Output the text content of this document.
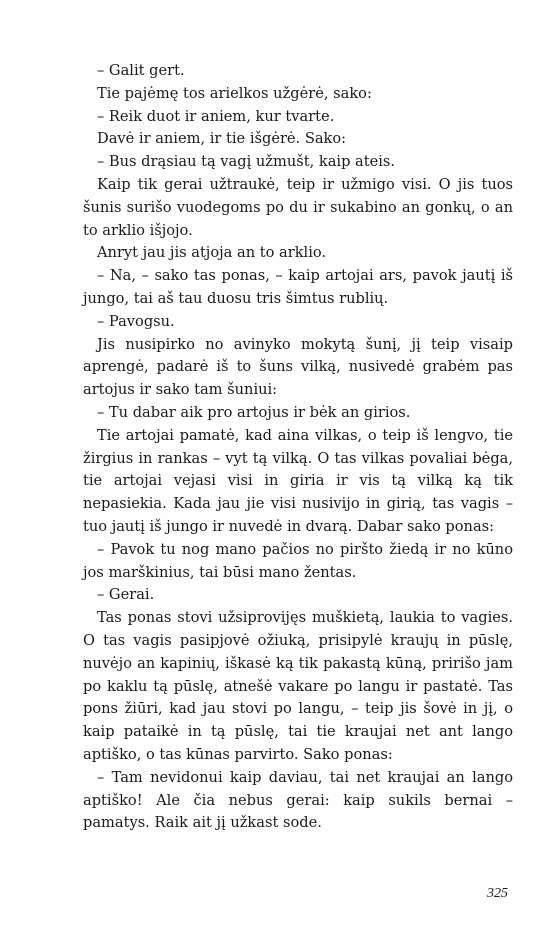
– Galit gert.

Tie pajėmę tos arielkos užgėrė, sako:

– Reik duot ir aniem, kur tvarte.

Davė ir aniem, ir tie išgėrė. Sako:

– Bus drąsiau tą vagį užmušt, kaip ateis.

Kaip tik gerai užtraukė, teip ir užmigo visi. O jis tuos šunis surišo vuodegoms po du ir sukabino an gonkų, o an to arklio išjojo.

Anryt jau jis atjoja an to arklio.

– Na, – sako tas ponas, – kaip artojai ars, pavok jautį iš jungo, tai aš tau duosu tris šimtus rublių.

– Pavogsu.

Jis nusipirko no avinyko mokytą šunį, jį teip visaip aprengė, padarė iš to šuns vilką, nusivedė grabėm pas artojus ir sako tam šuniui:

– Tu dabar aik pro artojus ir bėk an girios.

Tie artojai pamatė, kad aina vilkas, o teip iš lengvo, tie žirgius in rankas – vyt tą vilką. O tas vilkas povaliai bėga, tie artojai vejasi visi in giria ir vis tą vilką ką tik nepasiekia. Kada jau jie visi nusivijo in girią, tas vagis – tuo jautį iš jungo ir nuvedė in dvarą. Dabar sako ponas:

– Pavok tu nog mano pačios no piršto žiedą ir no kūno jos marškinius, tai būsi mano žentas.

– Gerai.

Tas ponas stovi užsiprovijęs muškietą, laukia to vagies. O tas vagis pasipjovė ožiuką, prisipylė kraujų in pūslę, nuvėjo an kapinių, iškasė ką tik pakastą kūną, pririšo jam po kaklu tą pūslę, atnešė vakare po langu ir pastatė. Tas pons žiūri, kad jau stovi po langu, – teip jis šovė in jį, o kaip pataikė in tą pūslę, tai tie kraujai net ant lango aptiško, o tas kūnas parvirto. Sako ponas:

– Tam nevidonui kaip daviau, tai net kraujai an lango aptiško! Ale čia nebus gerai: kaip sukils bernai – pamatys. Raik ait jį užkast sode.

325
